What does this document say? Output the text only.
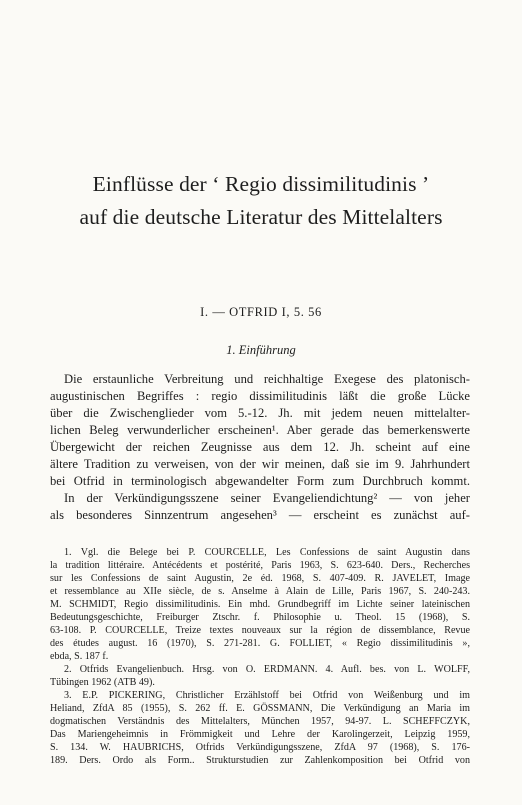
Einflüsse der ‘ Regio dissimilitudinis ’
auf die deutsche Literatur des Mittelalters
I. — OTFRID I, 5. 56
1. Einführung
Die erstaunliche Verbreitung und reichhaltige Exegese des platonisch-
augustinischen Begriffes : regio dissimilitudinis läßt die große Lücke
über die Zwischenglieder vom 5.-12. Jh. mit jedem neuen mittelalter-
lichen Beleg verwunderlicher erscheinen¹. Aber gerade das bemerkenswerte
Übergewicht der reichen Zeugnisse aus dem 12. Jh. scheint auf eine
ältere Tradition zu verweisen, von der wir meinen, daß sie im 9. Jahrhundert
bei Otfrid in terminologisch abgewandelter Form zum Durchbruch kommt.
In der Verkündigungsszene seiner Evangeliendichtung² — von jeher
als besonderes Sinnzentrum angesehen³ — erscheint es zunächst auf-
1. Vgl. die Belege bei P. COURCELLE, Les Confessions de saint Augustin dans
la tradition littéraire. Antécédents et postérité, Paris 1963, S. 623-640. Ders., Recherches
sur les Confessions de saint Augustin, 2e éd. 1968, S. 407-409. R. JAVELET, Image
et ressemblance au XIIe siècle, de s. Anselme à Alain de Lille, Paris 1967, S. 240-243.
M. SCHMIDT, Regio dissimilitudinis. Ein mhd. Grundbegriff im Lichte seiner lateinischen
Bedeutungsgeschichte, Freiburger Ztschr. f. Philosophie u. Theol. 15 (1968), S.
63-108. P. COURCELLE, Treize textes nouveaux sur la région de dissemblance, Revue
des études august. 16 (1970), S. 271-281. G. FOLLIET, « Regio dissimilitudinis »,
ebda, S. 187 f.
2. Otfrids Evangelienbuch. Hrsg. von O. ERDMANN. 4. Aufl. bes. von L. WOLFF,
Tübingen 1962 (ATB 49).
3. E.P. PICKERING, Christlicher Erzählstoff bei Otfrid von Weißenburg und im
Heliand, ZfdA 85 (1955), S. 262 ff. E. GÖSSMANN, Die Verkündigung an Maria im
dogmatischen Verständnis des Mittelalters, München 1957, 94-97. L. SCHEFFCZYK,
Das Mariengeheimnis in Frömmigkeit und Lehre der Karolingerzeit, Leipzig 1959,
S. 134. W. HAUBRICHS, Otfrids Verkündigungsszene, ZfdA 97 (1968), S. 176-
189. Ders. Ordo als Form.. Strukturstudien zur Zahlenkomposition bei Otfrid von
